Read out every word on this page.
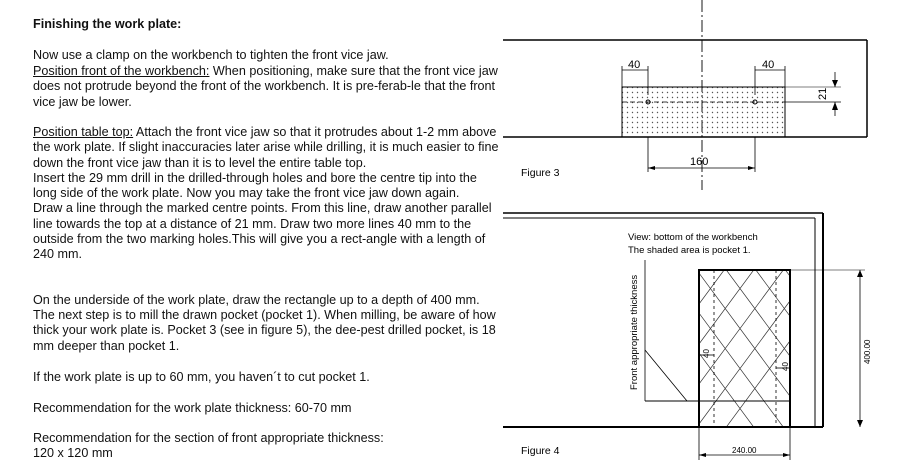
Finishing the work plate:

Now use a clamp on the workbench to tighten the front vice jaw.

Position front of the workbench: When positioning, make sure that the front vice jaw does not protrude beyond the front of the workbench. It is pre-ferab-le that the front vice jaw be lower.

Position table top: Attach the front vice jaw so that it protrudes about 1-2 mm above the work plate. If slight inaccuracies later arise while drilling, it is much easier to fine down the front vice jaw than it is to level the entire table top.

Insert the 29 mm drill in the drilled-through holes and bore the centre tip into the long side of the work plate. Now you may take the front vice jaw down again.
Draw a line through the marked centre points. From this line, draw another parallel line towards the top at a distance of 21 mm. Draw two more lines 40 mm to the outside from the two marking holes.This will give you a rect-angle with a length of 240 mm.
On the underside of the work plate, draw the rectangle up to a depth of 400 mm. The next step is to mill the drawn pocket (pocket 1). When milling, be aware of how thick your work plate is. Pocket 3 (see in figure 5), the dee-pest drilled pocket, is 18 mm deeper than pocket 1.
If the work plate is up to 60 mm, you haven´t to cut pocket 1.
Recommendation for the work plate thickness: 60-70 mm
Recommendation for the section of front appropriate thickness:
120 x 120 mm
40	40
21
160
Figure 3
View: bottom of the workbench
The shaded area is pocket 1.
Front appropriate thickness	40
40
400.00
240.00
Figure 4
